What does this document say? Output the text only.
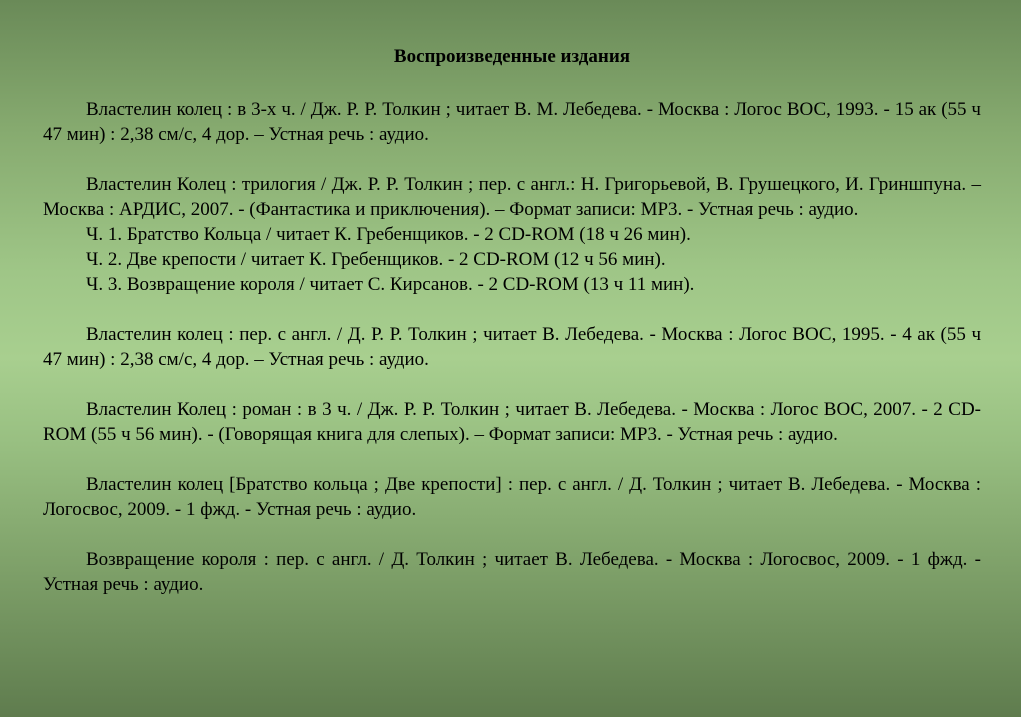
Воспроизведенные издания

Властелин колец : в 3-х ч. / Дж. Р. Р. Толкин ; читает В. М. Лебедева. - Москва : Логос ВОС, 1993. - 15 ак (55 ч 47 мин) : 2,38 см/с, 4 дор. – Устная речь : аудио.

Властелин Колец : трилогия / Дж. Р. Р. Толкин ; пер. с англ.: Н. Григорьевой, В. Грушецкого, И. Гриншпуна. – Москва : АРДИС, 2007. - (Фантастика и приключения). – Формат записи: MP3. - Устная речь : аудио.

Ч. 1. Братство Кольца / читает К. Гребенщиков. - 2 CD-ROM (18 ч 26 мин).
Ч. 2. Две крепости / читает К. Гребенщиков. - 2 CD-ROM (12 ч 56 мин).
Ч. 3. Возвращение короля / читает С. Кирсанов. - 2 CD-ROM (13 ч 11 мин).

Властелин колец : пер. с англ. / Д. Р. Р. Толкин ; читает В. Лебедева. - Москва : Логос ВОС, 1995. - 4 ак (55 ч 47 мин) : 2,38 см/с, 4 дор. – Устная речь : аудио.

Властелин Колец : роман : в 3 ч. / Дж. Р. Р. Толкин ; читает В. Лебедева. - Москва : Логос ВОС, 2007. - 2 CD-ROM (55 ч 56 мин). - (Говорящая книга для слепых). – Формат записи: MP3. - Устная речь : аудио.

Властелин колец [Братство кольца ; Две крепости] : пер. с англ. / Д. Толкин ; читает В. Лебедева. - Москва : Логосвос, 2009. - 1 фжд. - Устная речь : аудио.

Возвращение короля : пер. с англ. / Д. Толкин ; читает В. Лебедева. - Москва : Логосвос, 2009. - 1 фжд. - Устная речь : аудио.
